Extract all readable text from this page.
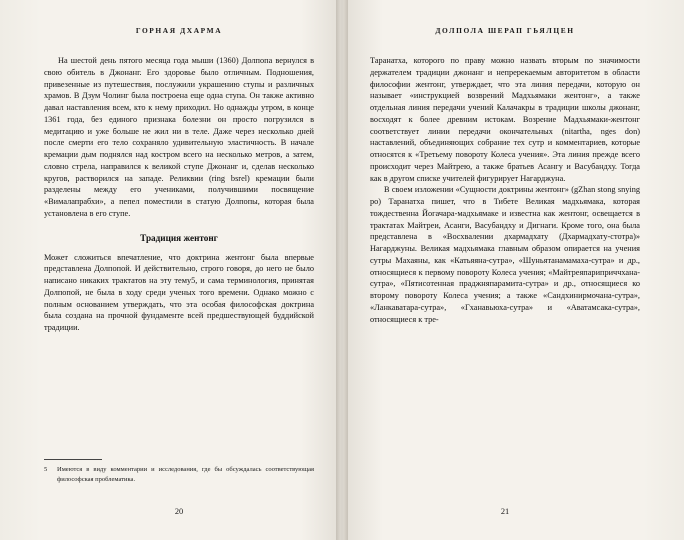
ГОРНАЯ ДХАРМА

На шестой день пятого месяца года мыши (1360) Долпопа вернулся в свою обитель в Джонанг. Его здоровье было отличным. Подношения, привезенные из путешествия, послужили украшению ступы и различных храмов. В Дзум Чолинг была построена еще одна ступа. Он также активно давал наставления всем, кто к нему приходил. Но однажды утром, в конце 1361 года, без единого признака болезни он просто погрузился в медитацию и уже больше не жил ни в теле. Даже через несколько дней после смерти его тело сохраняло удивительную эластичность. В начале кремации дым поднялся над костром всего на несколько метров, а затем, словно стрела, направился к великой ступе Джонанг и, сделав несколько кругов, растворился на западе. Реликвии (ring bsrel) кремации были разделены между его учениками, получившими посвящение «Вималапрабхи», а пепел поместили в статую Долпопы, которая была установлена в его ступе.

Традиция жентонг

Может сложиться впечатление, что доктрина жентонг была впервые представлена Долпопой. И действительно, строго говоря, до него не было написано никаких трактатов на эту тему5, и сама терминология, принятая Долпопой, не была в ходу среди ученых того времени. Однако можно с полным основанием утверждать, что эта особая философская доктрина была создана на прочной фундаменте всей предшествующей буддийской традиции.

5	Имеются в виду комментарии и исследования, где бы обсуждалась соответствующая философская проблематика.
20
ДОЛПОЛА ШЕРАП ГЬЯЛЦЕН

Таранатха, которого по праву можно назвать вторым по значимости держателем традиции джонанг и непререкаемым авторитетом в области философии жентонг, утверждает, что эта линия передачи, которую он называет «инструкцией возврений Мадхьямаки жентонг», а также отдельная линия передачи учений Калачакры в традиции школы джонанг, восходят к более древним истокам. Возрение Мадхьямаки-жентонг соответствует линии передачи окончательных (nitartha, nges don) наставлений, объединяющих собрание тех сутр и комментариев, которые относятся к «Третьему повороту Колеса учения». Эта линия прежде всего происходит через Майтрею, а также братьев Асангу и Васубандху. Тогда как в другом списке учителей фигурирует Нагарджуна.

В своем изложении «Сущности доктрины жентонг» (gZhan stong snying po) Таранатха пишет, что в Тибете Великая мадхьямака, которая тождественна Йогачара-мадхьямаке и известна как жентонг, освещается в трактатах Майтреи, Асанги, Васубандху и Дигнаги. Кроме того, она была представлена в «Восхвалении дхармадхату (Дхармадхату-стотра)» Нагарджуны. Великая мадхьямака главным образом опирается на учения сутры Махаяны, как «Катьяяна-сутра», «Шуньятанамамаха-сутра» и др., относящиеся к первому повороту Колеса учения; «Майтреяпариприччхана-сутра», «Пятисотенная праджняпарамита-сутра» и др., относящиеся ко второму повороту Колеса учения; а также «Сандхинирмочана-сутра», «Ланкаватара-сутра», «Гханавьюха-сутра» и «Аватамсака-сутра», относящиеся к тре-

21
